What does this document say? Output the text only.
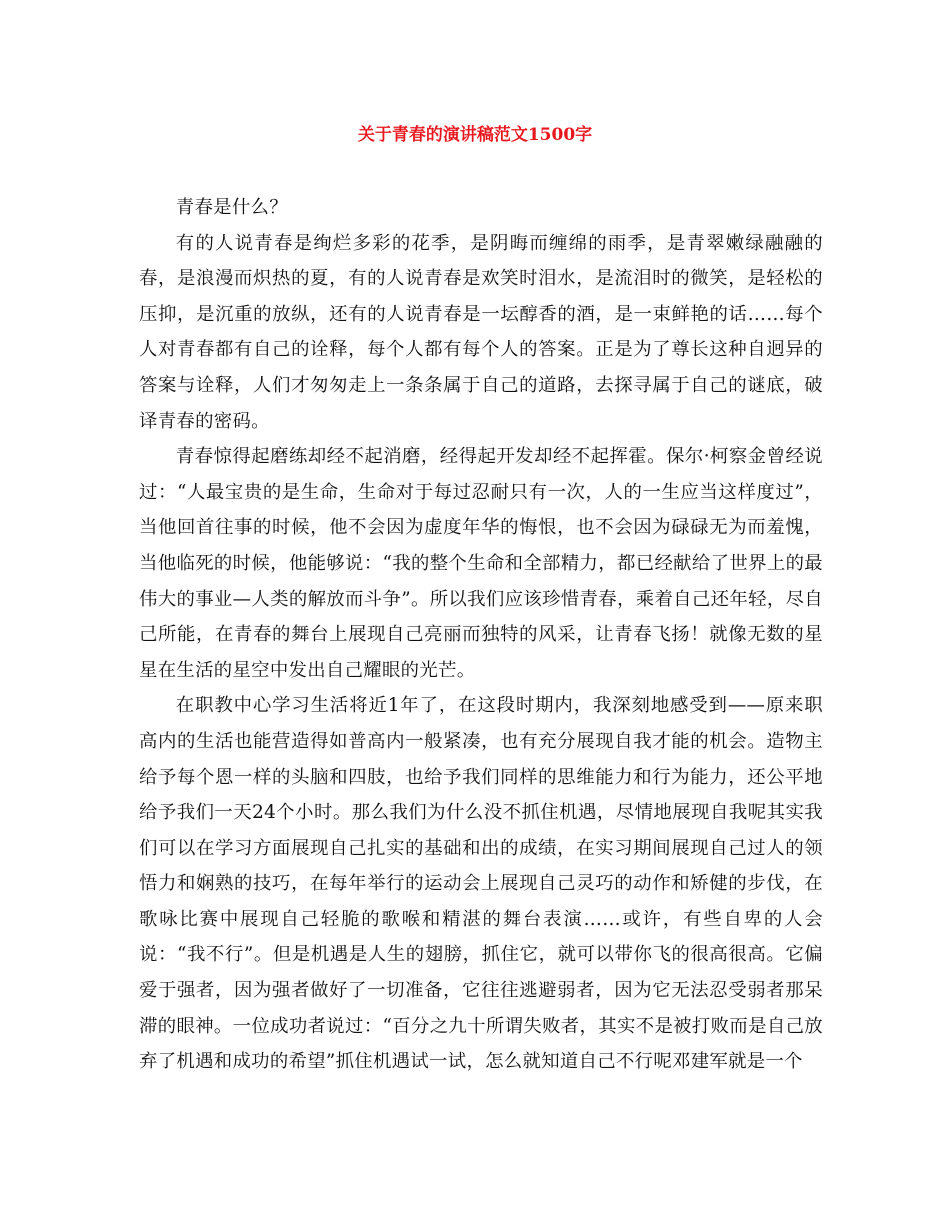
关于青春的演讲稿范文1500字

青春是什么？

有的人说青春是绚烂多彩的花季，是阴晦而缠绵的雨季，是青翠嫩绿融融的春，是浪漫而炽热的夏，有的人说青春是欢笑时泪水，是流泪时的微笑，是轻松的压抑，是沉重的放纵，还有的人说青春是一坛醇香的酒，是一束鲜艳的话……每个人对青春都有自己的诠释，每个人都有每个人的答案。正是为了尊长这种自迥异的答案与诠释，人们才匆匆走上一条条属于自己的道路，去探寻属于自己的谜底，破译青春的密码。

青春惊得起磨练却经不起消磨，经得起开发却经不起挥霍。保尔·柯察金曾经说过：“人最宝贵的是生命，生命对于每过忍耐只有一次，人的一生应当这样度过”，当他回首往事的时候，他不会因为虚度年华的悔恨，也不会因为碌碌无为而羞愧，当他临死的时候，他能够说：“我的整个生命和全部精力，都已经献给了世界上的最伟大的事业—人类的解放而斗争”。所以我们应该珍惜青春，乘着自己还年轻，尽自己所能，在青春的舞台上展现自己亮丽而独特的风采，让青春飞扬！就像无数的星星在生活的星空中发出自己耀眼的光芒。

在职教中心学习生活将近1年了，在这段时期内，我深刻地感受到——原来职高内的生活也能营造得如普高内一般紧凑，也有充分展现自我才能的机会。造物主给予每个恩一样的头脑和四肢，也给予我们同样的思维能力和行为能力，还公平地给予我们一天24个小时。那么我们为什么没不抓住机遇，尽情地展现自我呢其实我们可以在学习方面展现自己扎实的基础和出的成绩，在实习期间展现自己过人的领悟力和娴熟的技巧，在每年举行的运动会上展现自己灵巧的动作和矫健的步伐，在歌咏比赛中展现自己轻脆的歌喉和精湛的舞台表演……或许，有些自卑的人会说：“我不行”。但是机遇是人生的翅膀，抓住它，就可以带你飞的很高很高。它偏爱于强者，因为强者做好了一切准备，它往往逃避弱者，因为它无法忍受弱者那呆滞的眼神。一位成功者说过：“百分之九十所谓失败者，其实不是被打败而是自己放弃了机遇和成功的希望”抓住机遇试一试，怎么就知道自己不行呢邓建军就是一个
